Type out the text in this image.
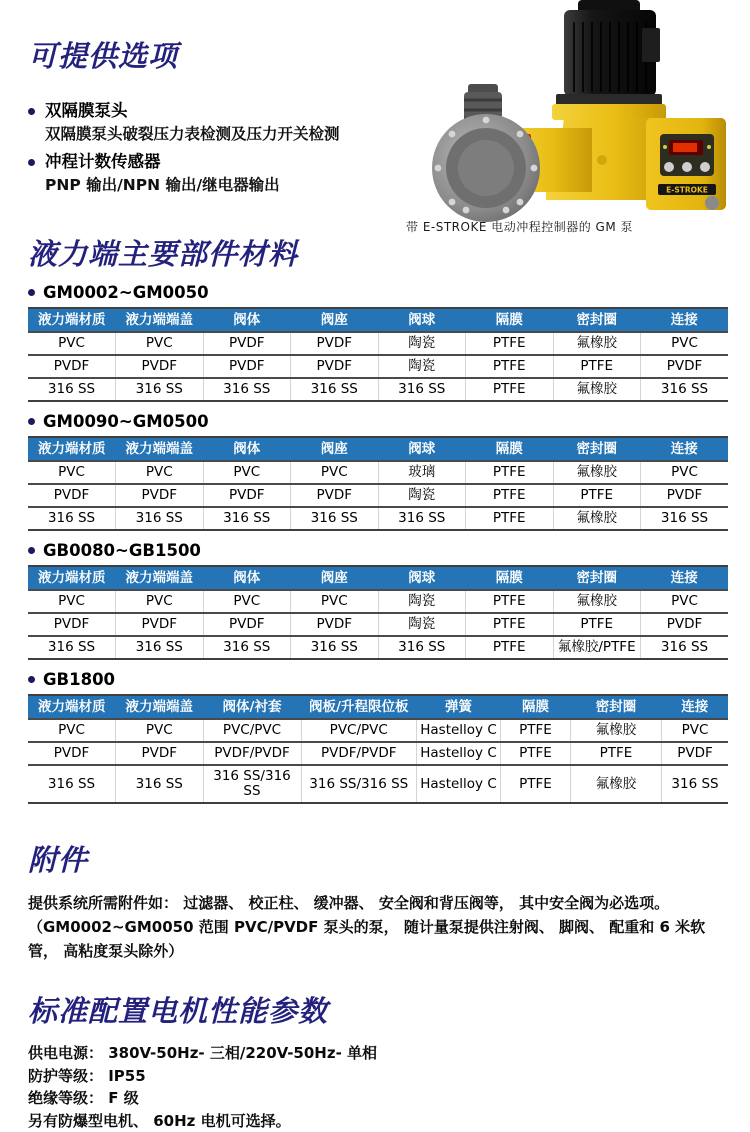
可提供选项
双隔膜泵头
双隔膜泵头破裂压力表检测及压力开关检测
冲程计数传感器
PNP 输出/NPN 输出/继电器输出	E-STROKE
带 E-STROKE 电动冲程控制器的 GM 泵
液力端主要部件材料
GM0002~GM0050
液力端材质	液力端端盖	阀体	阀座	阀球	隔膜	密封圈	连接
PVC	PVC	PVDF	PVDF	陶瓷	PTFE	氟橡胶	PVC
PVDF	PVDF	PVDF	PVDF	陶瓷	PTFE	PTFE	PVDF
316 SS	316 SS	316 SS	316 SS	316 SS	PTFE	氟橡胶	316 SS
GM0090~GM0500
液力端材质	液力端端盖	阀体	阀座	阀球	隔膜	密封圈	连接
PVC	PVC	PVC	PVC	玻璃	PTFE	氟橡胶	PVC
PVDF	PVDF	PVDF	PVDF	陶瓷	PTFE	PTFE	PVDF
316 SS	316 SS	316 SS	316 SS	316 SS	PTFE	氟橡胶	316 SS
GB0080~GB1500
液力端材质	液力端端盖	阀体	阀座	阀球	隔膜	密封圈	连接
PVC	PVC	PVC	PVC	陶瓷	PTFE	氟橡胶	PVC
PVDF	PVDF	PVDF	PVDF	陶瓷	PTFE	PTFE	PVDF
316 SS	316 SS	316 SS	316 SS	316 SS	PTFE	氟橡胶/PTFE	316 SS
GB1800
液力端材质	液力端端盖	阀体/衬套	阀板/升程限位板	弹簧	隔膜	密封圈	连接
PVC	PVC	PVC/PVC	PVC/PVC	Hastelloy C	PTFE	氟橡胶	PVC
PVDF	PVDF	PVDF/PVDF	PVDF/PVDF	Hastelloy C	PTFE	PTFE	PVDF
316 SS	316 SS	316 SS/316 SS	316 SS/316 SS	Hastelloy C	PTFE	氟橡胶	316 SS
附件
提供系统所需附件如： 过滤器、 校正柱、 缓冲器、 安全阀和背压阀等， 其中安全阀为必选项。
（GM0002~GM0050 范围 PVC/PVDF 泵头的泵， 随计量泵提供注射阀、 脚阀、 配重和 6 米软管， 高粘度泵头除外）
标准配置电机性能参数
供电电源： 380V-50Hz- 三相/220V-50Hz- 单相
防护等级： IP55
绝缘等级： F 级
另有防爆型电机、 60Hz 电机可选择。
